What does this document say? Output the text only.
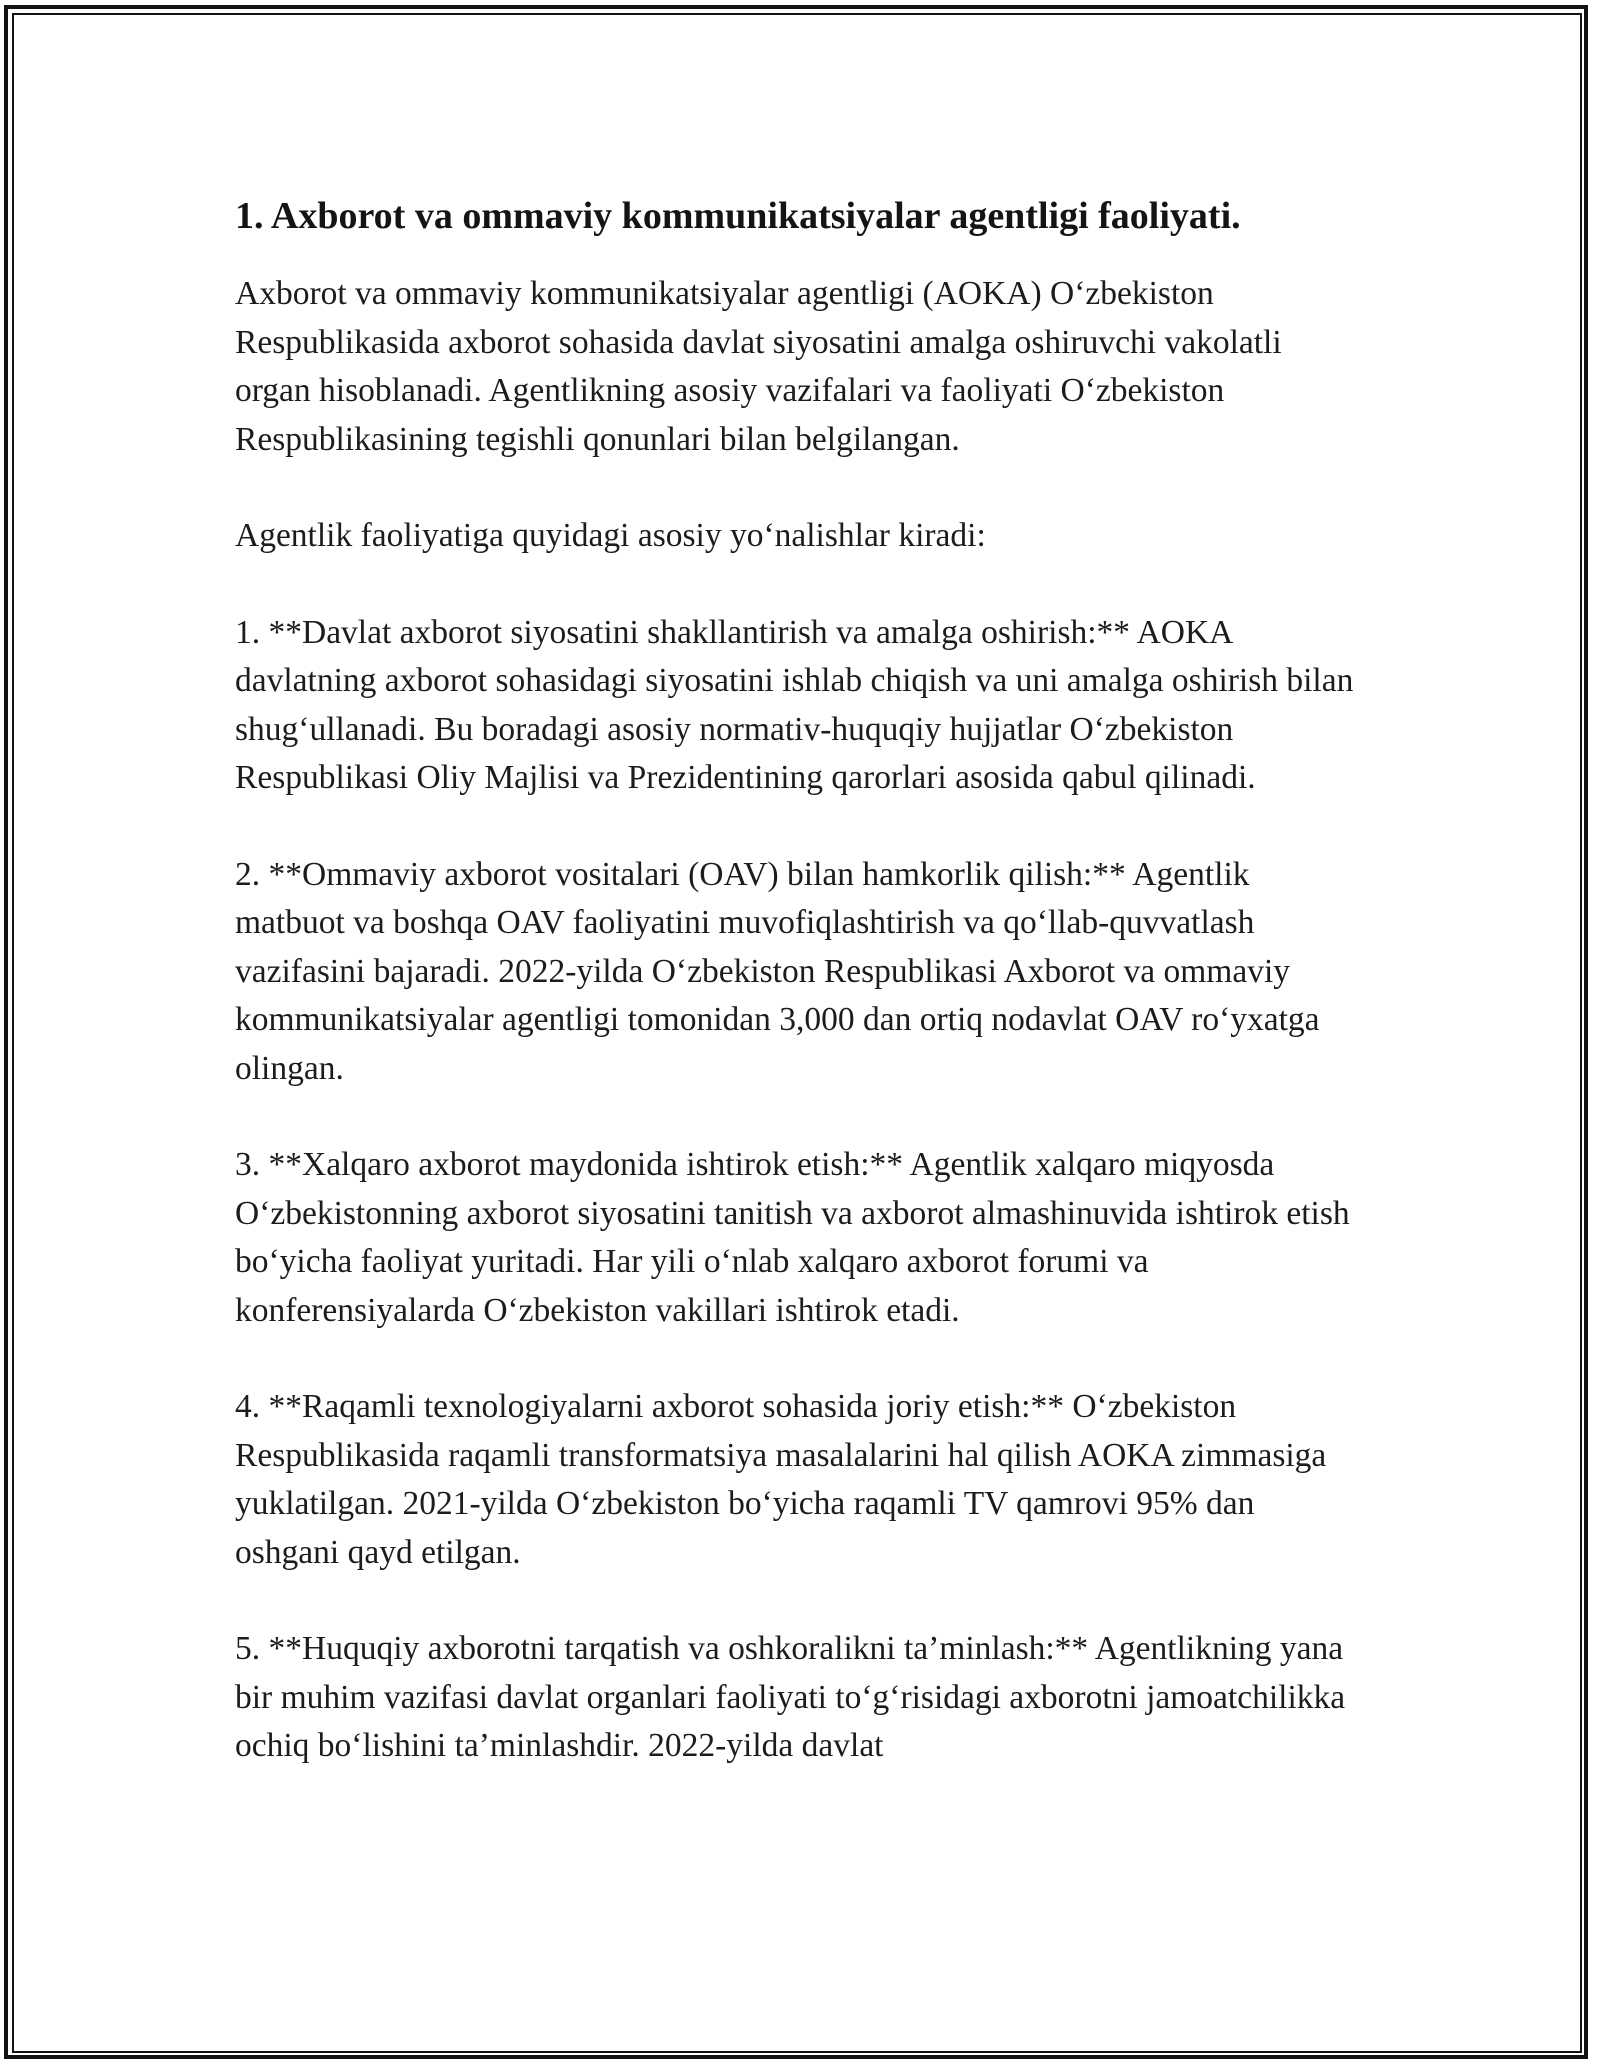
1. Axborot va ommaviy kommunikatsiyalar agentligi faoliyati.

Axborot va ommaviy kommunikatsiyalar agentligi (AOKA) O‘zbekiston Respublikasida axborot sohasida davlat siyosatini amalga oshiruvchi vakolatli organ hisoblanadi. Agentlikning asosiy vazifalari va faoliyati O‘zbekiston Respublikasining tegishli qonunlari bilan belgilangan.

Agentlik faoliyatiga quyidagi asosiy yo‘nalishlar kiradi:

1. **Davlat axborot siyosatini shakllantirish va amalga oshirish:** AOKA davlatning axborot sohasidagi siyosatini ishlab chiqish va uni amalga oshirish bilan shug‘ullanadi. Bu boradagi asosiy normativ-huquqiy hujjatlar O‘zbekiston Respublikasi Oliy Majlisi va Prezidentining qarorlari asosida qabul qilinadi.

2. **Ommaviy axborot vositalari (OAV) bilan hamkorlik qilish:** Agentlik matbuot va boshqa OAV faoliyatini muvofiqlashtirish va qo‘llab-quvvatlash vazifasini bajaradi. 2022-yilda O‘zbekiston Respublikasi Axborot va ommaviy kommunikatsiyalar agentligi tomonidan 3,000 dan ortiq nodavlat OAV ro‘yxatga olingan.

3. **Xalqaro axborot maydonida ishtirok etish:** Agentlik xalqaro miqyosda O‘zbekistonning axborot siyosatini tanitish va axborot almashinuvida ishtirok etish bo‘yicha faoliyat yuritadi. Har yili o‘nlab xalqaro axborot forumi va konferensiyalarda O‘zbekiston vakillari ishtirok etadi.

4. **Raqamli texnologiyalarni axborot sohasida joriy etish:** O‘zbekiston Respublikasida raqamli transformatsiya masalalarini hal qilish AOKA zimmasiga yuklatilgan. 2021-yilda O‘zbekiston bo‘yicha raqamli TV qamrovi 95% dan oshgani qayd etilgan.

5. **Huquqiy axborotni tarqatish va oshkoralikni ta’minlash:** Agentlikning yana bir muhim vazifasi davlat organlari faoliyati to‘g‘risidagi axborotni jamoatchilikka ochiq bo‘lishini ta’minlashdir. 2022-yilda davlat
